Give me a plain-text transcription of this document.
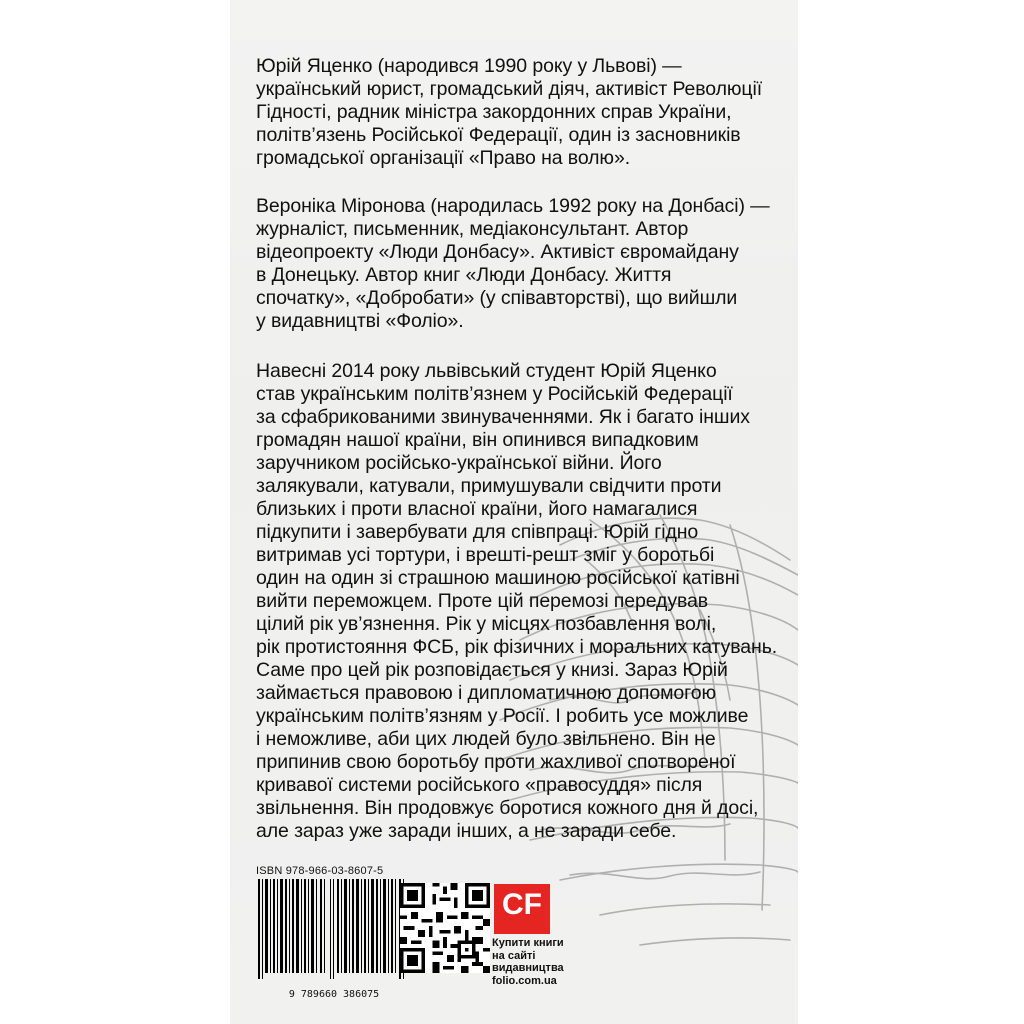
Юрій Яценко (народився 1990 року у Львові) —
український юрист, громадський діяч, активіст Революції
Гідності, радник міністра закордонних справ України,
політв’язень Російської Федерації, один із засновників
громадської організації «Право на волю».

Вероніка Міронова (народилась 1992 року на Донбасі) —
журналіст, письменник, медіаконсультант. Автор
відеопроекту «Люди Донбасу». Активіст євромайдану
в Донецьку. Автор книг «Люди Донбасу. Життя
спочатку», «Добробати» (у співавторстві), що вийшли
у видавництві «Фоліо».

Навесні 2014 року львівський студент Юрій Яценко
став українським політв’язнем у Російській Федерації
за сфабрикованими звинуваченнями. Як і багато інших
громадян нашої країни, він опинився випадковим
заручником російсько-української війни. Його
залякували, катували, примушували свідчити проти
близьких і проти власної країни, його намагалися
підкупити і завербувати для співпраці. Юрій гідно
витримав усі тортури, і врешті-решт зміг у боротьбі
один на один зі страшною машиною російської катівні
вийти переможцем. Проте цій перемозі передував
цілий рік ув’язнення. Рік у місцях позбавлення волі,
рік протистояння ФСБ, рік фізичних і моральних катувань.
Саме про цей рік розповідається у книзі. Зараз Юрій
займається правовою і дипломатичною допомогою
українським політв’язням у Росії. І робить усе можливе
і неможливе, аби цих людей було звільнено. Він не
припинив свою боротьбу проти жахливої спотвореної
кривавої системи російського «правосуддя» після
звільнення. Він продовжує боротися кожного дня й досі,
але зараз уже заради інших, а не заради себе.

ISBN 978-966-03-8607-5
9 789660 386075
CF
Купити книги
на сайті
видавництва
folio.com.ua
